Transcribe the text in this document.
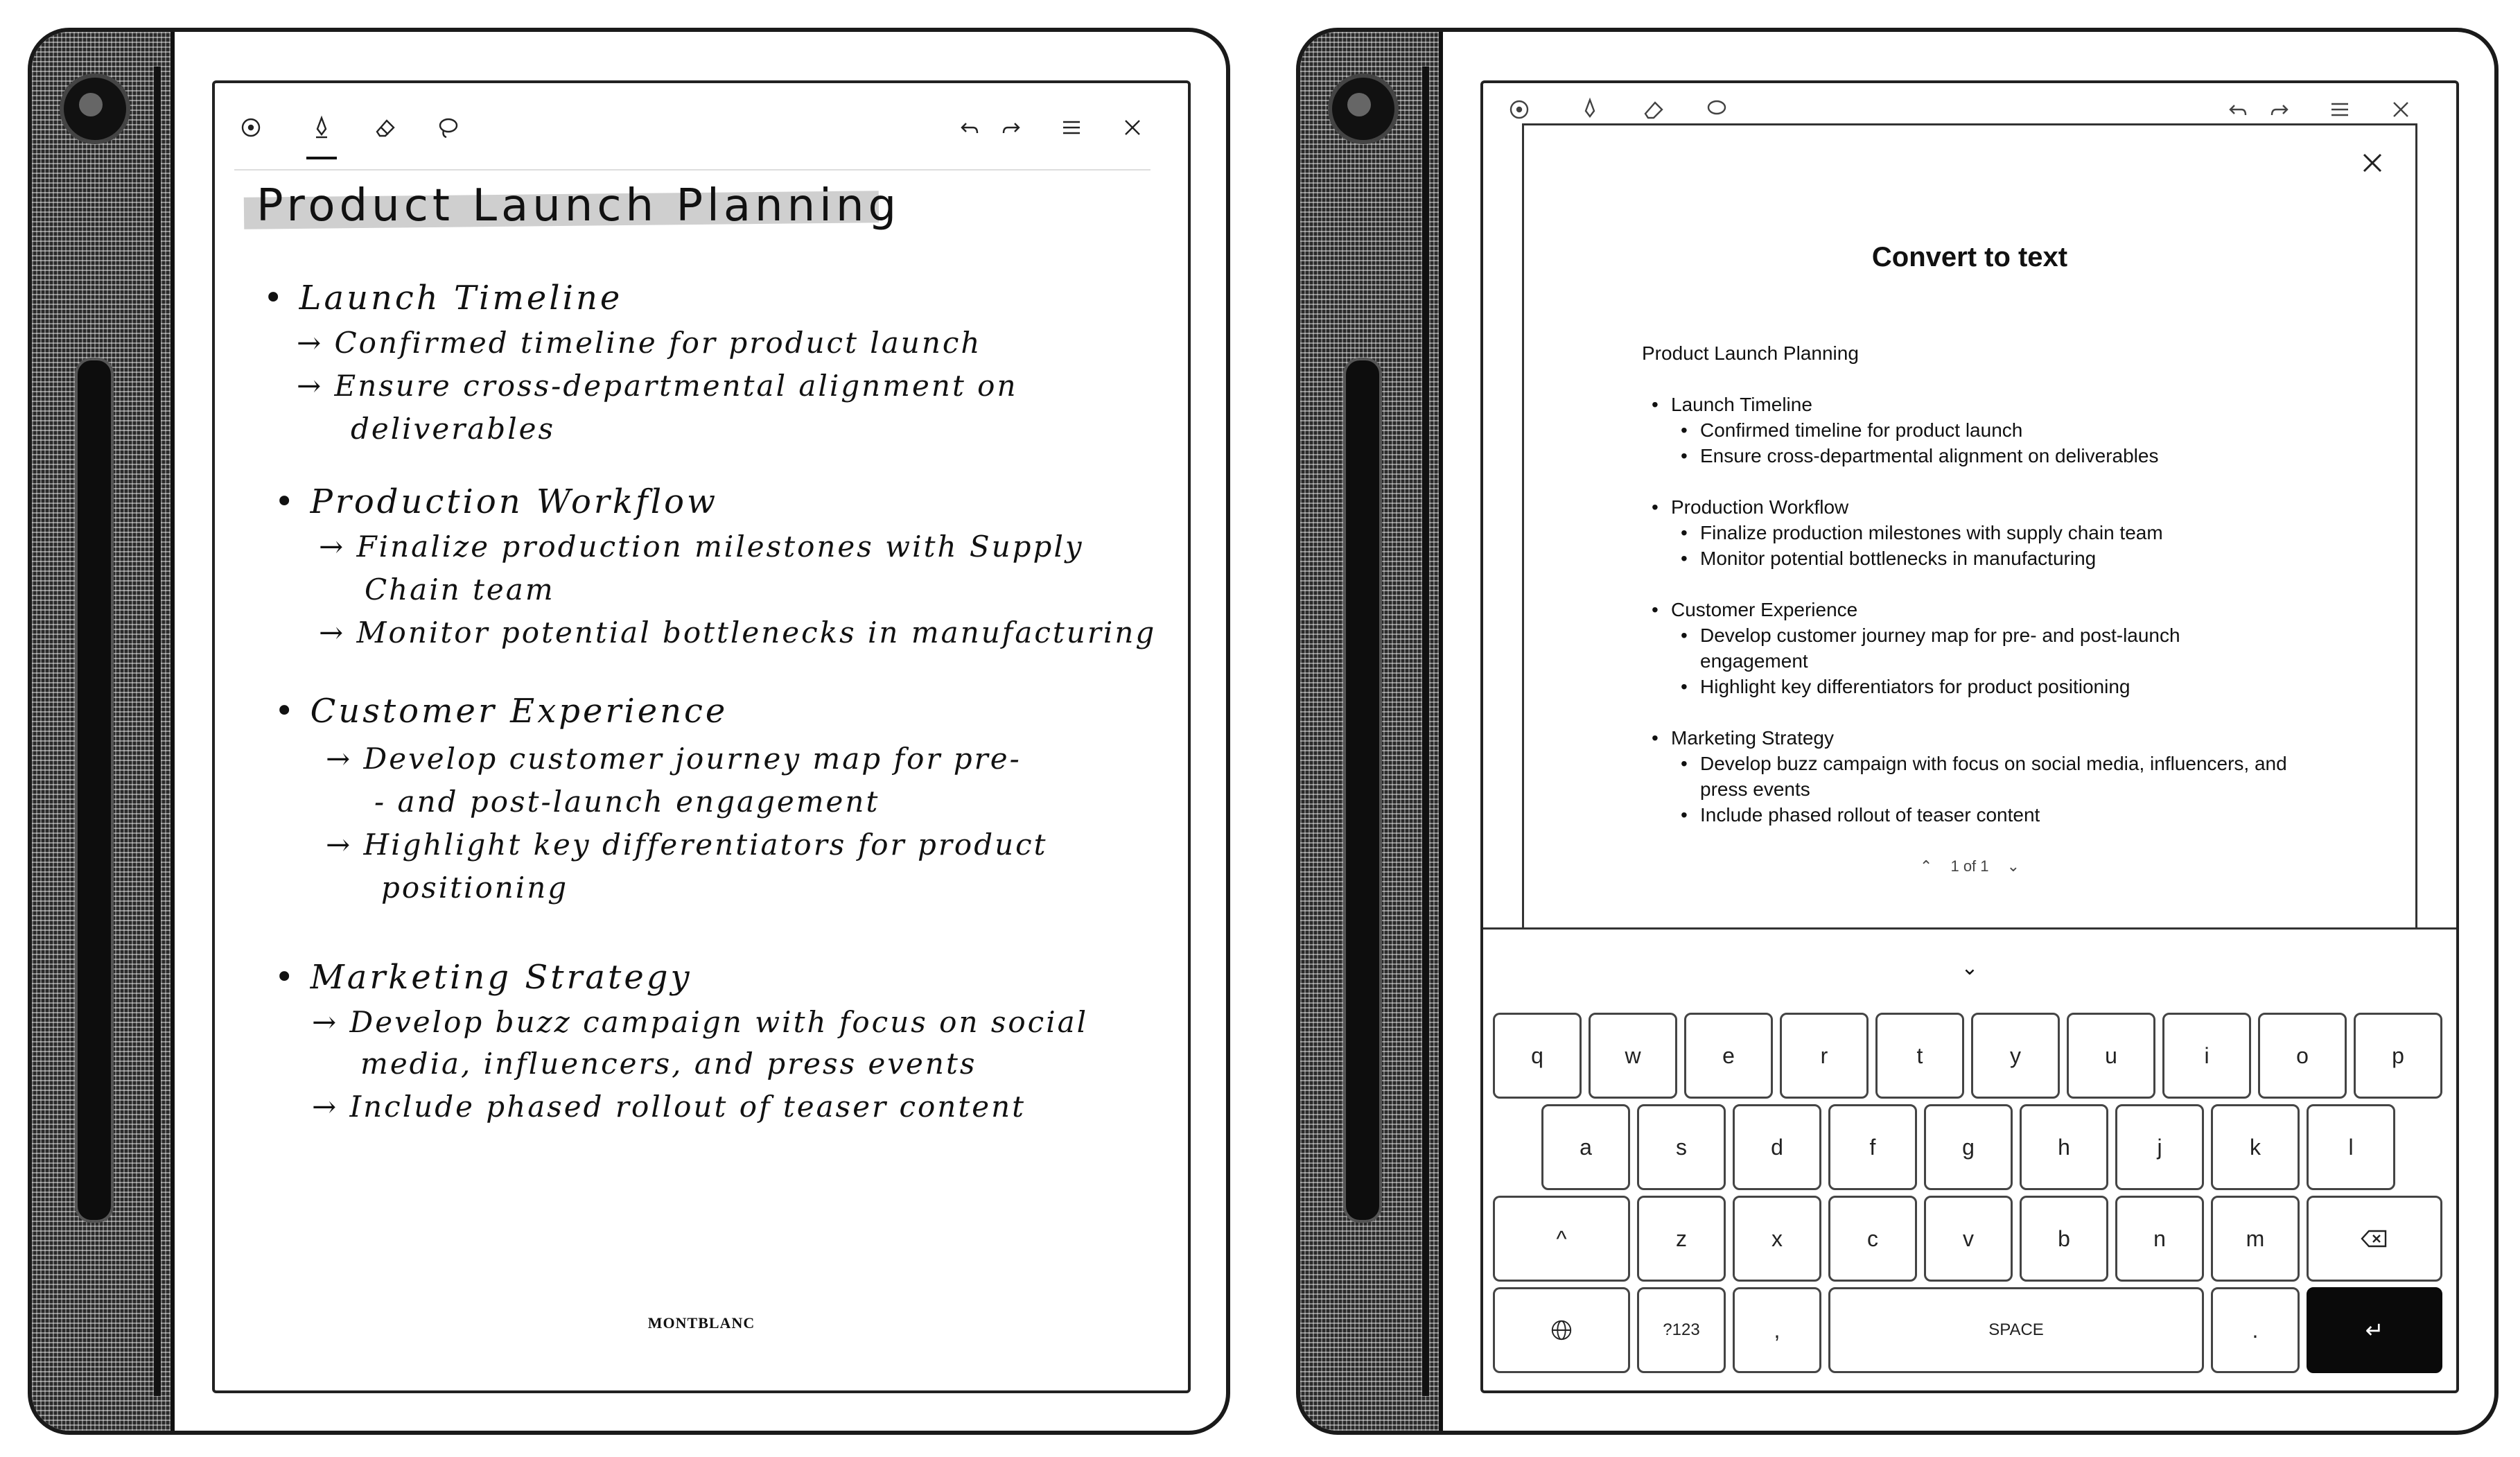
Product Launch Planning
• Launch Timeline
→ Confirmed timeline for product launch
→ Ensure cross-departmental alignment on
deliverables
• Production Workflow
→ Finalize production milestones with Supply
Chain team
→ Monitor potential bottlenecks in manufacturing
• Customer Experience
→ Develop customer journey map for pre-
- and post-launch engagement
→ Highlight key differentiators for product
positioning
• Marketing Strategy
→ Develop buzz campaign with focus on social
media, influencers, and press events
→ Include phased rollout of teaser content
MONTBLANC
Convert to text
Product Launch Planning
• Launch Timeline
• Confirmed timeline for product launch
• Ensure cross-departmental alignment on deliverables
• Production Workflow
• Finalize production milestones with supply chain team
• Monitor potential bottlenecks in manufacturing
• Customer Experience
• Develop customer journey map for pre- and post-launch engagement
• Highlight key differentiators for product positioning
• Marketing Strategy
• Develop buzz campaign with focus on social media, influencers, and press events
• Include phased rollout of teaser content
⌃ 1 of 1 ⌄
⌄
q	w	e	r	t	y	u	i	o	p
a	s	d	f	g	h	j	k	l
^	z	x	c	v	b	n	m
?123	,	SPACE	.	↵
